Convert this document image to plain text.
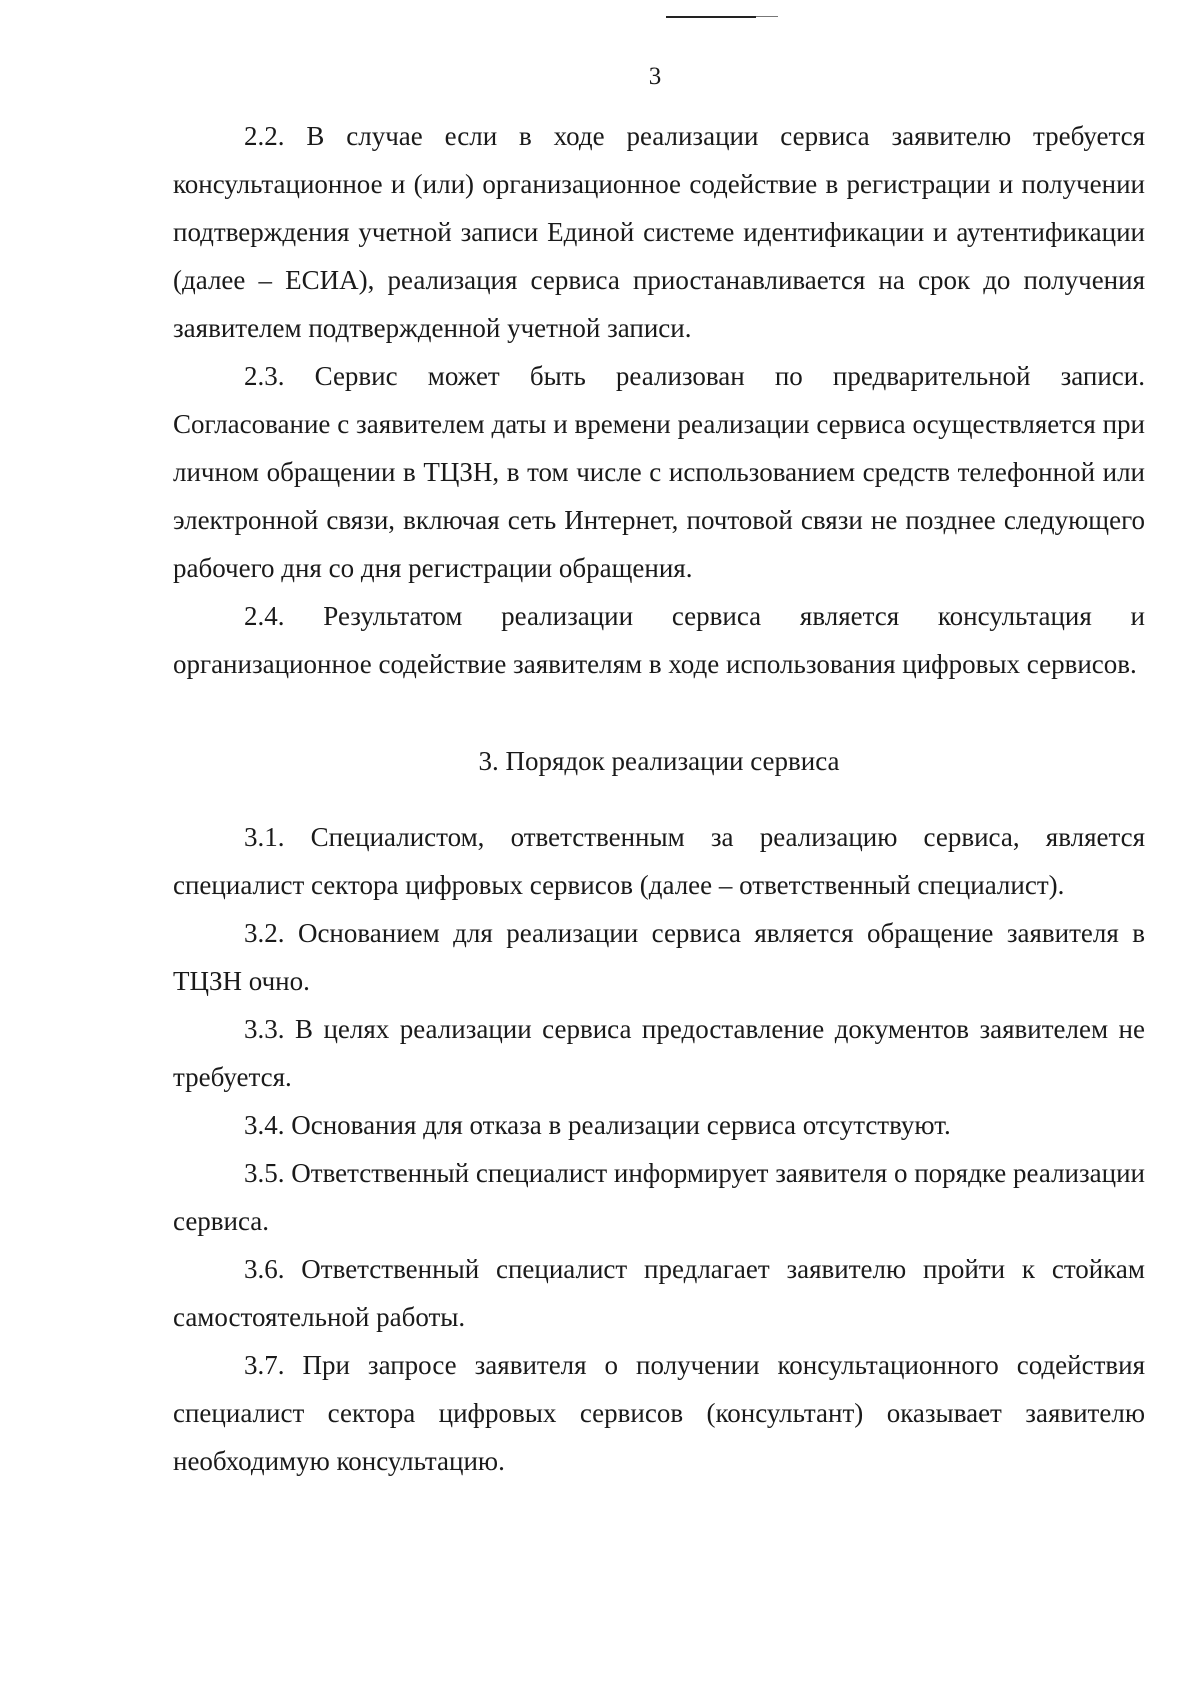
3

2.2. В случае если в ходе реализации сервиса заявителю требуется консультационное и (или) организационное содействие в регистрации и получении подтверждения учетной записи Единой системе идентификации и аутентификации (далее – ЕСИА), реализация сервиса приостанавливается на срок до получения заявителем подтвержденной учетной записи.

2.3. Сервис может быть реализован по предварительной записи. Согласование с заявителем даты и времени реализации сервиса осуществляется при личном обращении в ТЦЗН, в том числе с использованием средств телефонной или электронной связи, включая сеть Интернет, почтовой связи не позднее следующего рабочего дня со дня регистрации обращения.

2.4. Результатом реализации сервиса является консультация и организационное содействие заявителям в ходе использования цифровых сервисов.

3. Порядок реализации сервиса

3.1. Специалистом, ответственным за реализацию сервиса, является специалист сектора цифровых сервисов (далее – ответственный специалист).

3.2. Основанием для реализации сервиса является обращение заявителя в ТЦЗН очно.

3.3. В целях реализации сервиса предоставление документов заявителем не требуется.

3.4. Основания для отказа в реализации сервиса отсутствуют.

3.5. Ответственный специалист информирует заявителя о порядке реализации сервиса.

3.6. Ответственный специалист предлагает заявителю пройти к стойкам самостоятельной работы.

3.7. При запросе заявителя о получении консультационного содействия специалист сектора цифровых сервисов (консультант) оказывает заявителю необходимую консультацию.
